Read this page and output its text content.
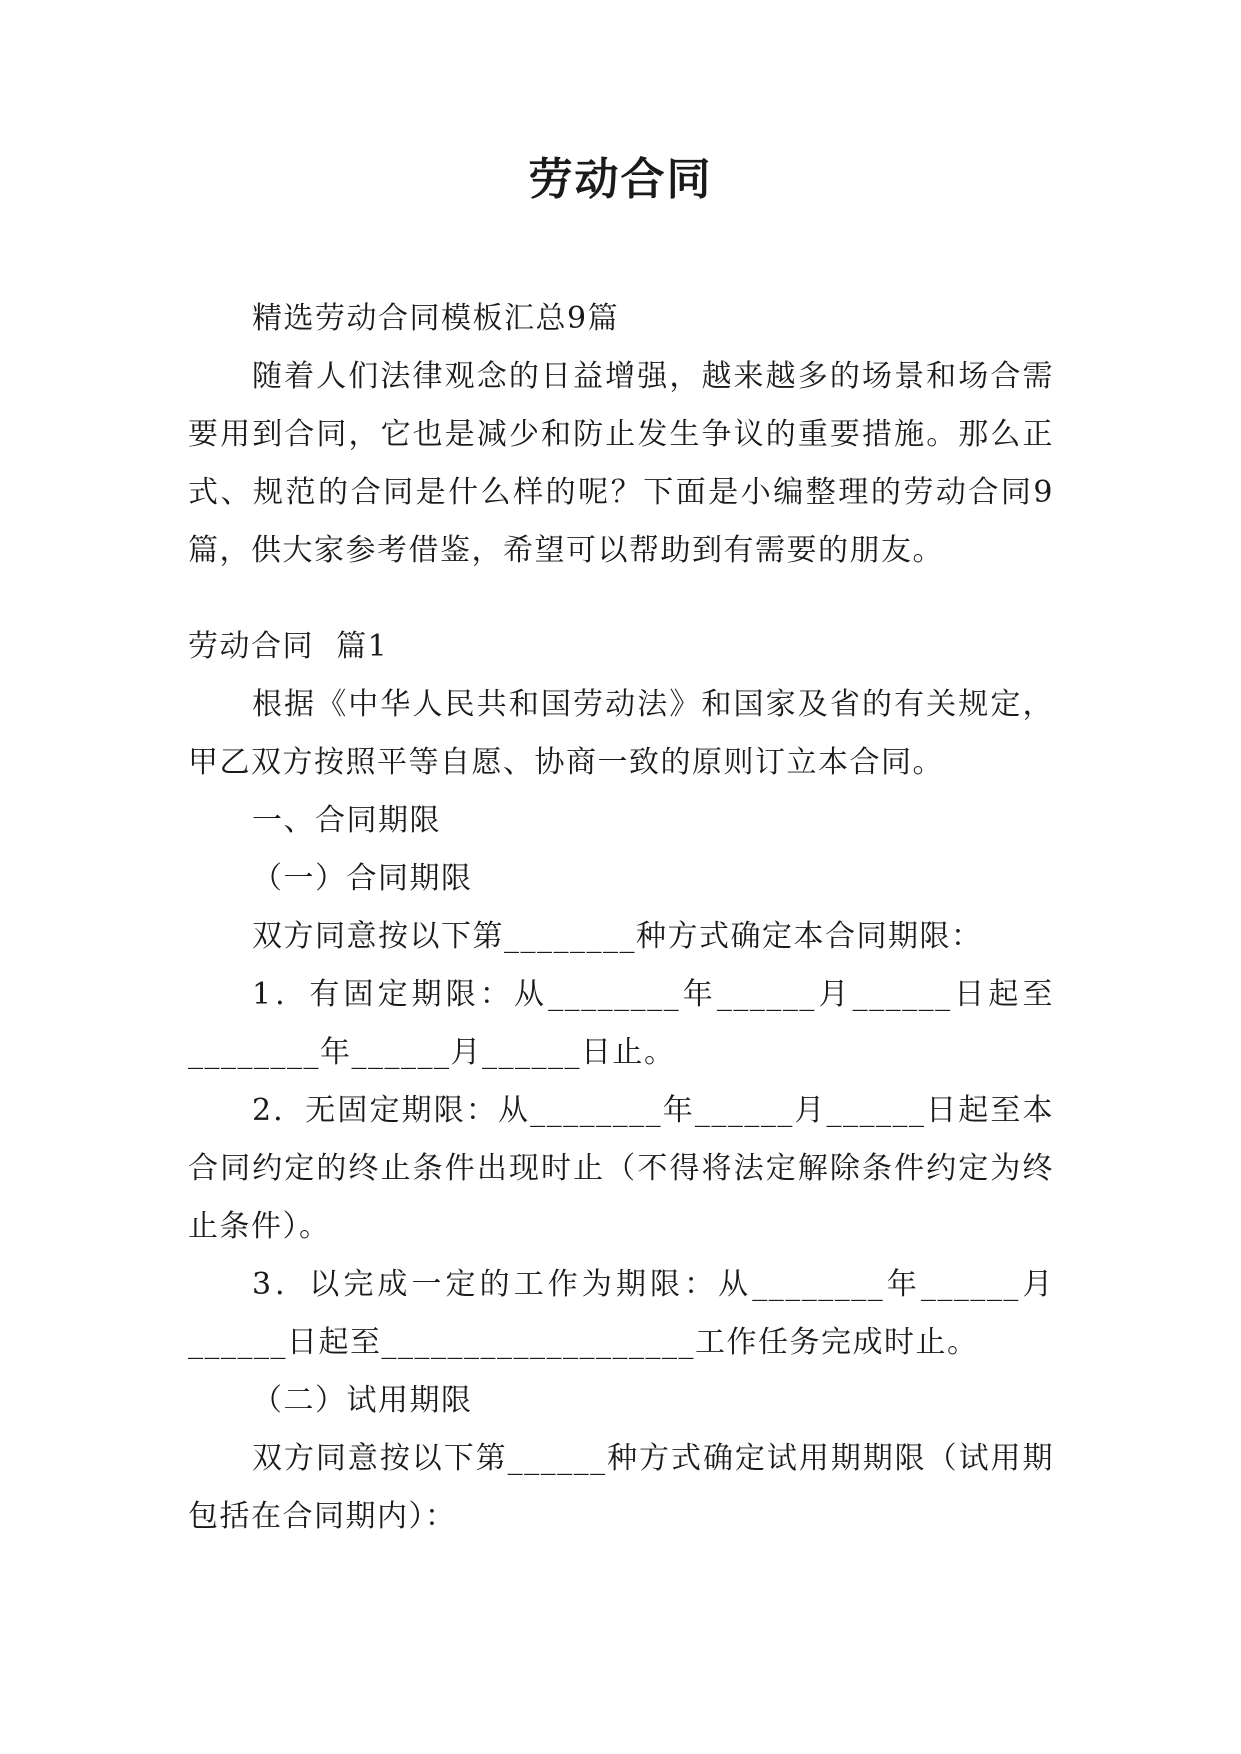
劳动合同

精选劳动合同模板汇总9篇

随着人们法律观念的日益增强，越来越多的场景和场合需要用到合同，它也是减少和防止发生争议的重要措施。那么正式、规范的合同是什么样的呢？下面是小编整理的劳动合同9篇，供大家参考借鉴，希望可以帮助到有需要的朋友。

劳动合同  篇1

根据《中华人民共和国劳动法》和国家及省的有关规定，甲乙双方按照平等自愿、协商一致的原则订立本合同。

一、合同期限

（一）合同期限

双方同意按以下第________种方式确定本合同期限：

1．有固定期限：从________年______月______日起至________年______月______日止。

2．无固定期限：从________年______月______日起至本合同约定的终止条件出现时止（不得将法定解除条件约定为终止条件）。

3．以完成一定的工作为期限：从________年______月______日起至___________________工作任务完成时止。

（二）试用期限

双方同意按以下第______种方式确定试用期期限（试用期包括在合同期内）：
